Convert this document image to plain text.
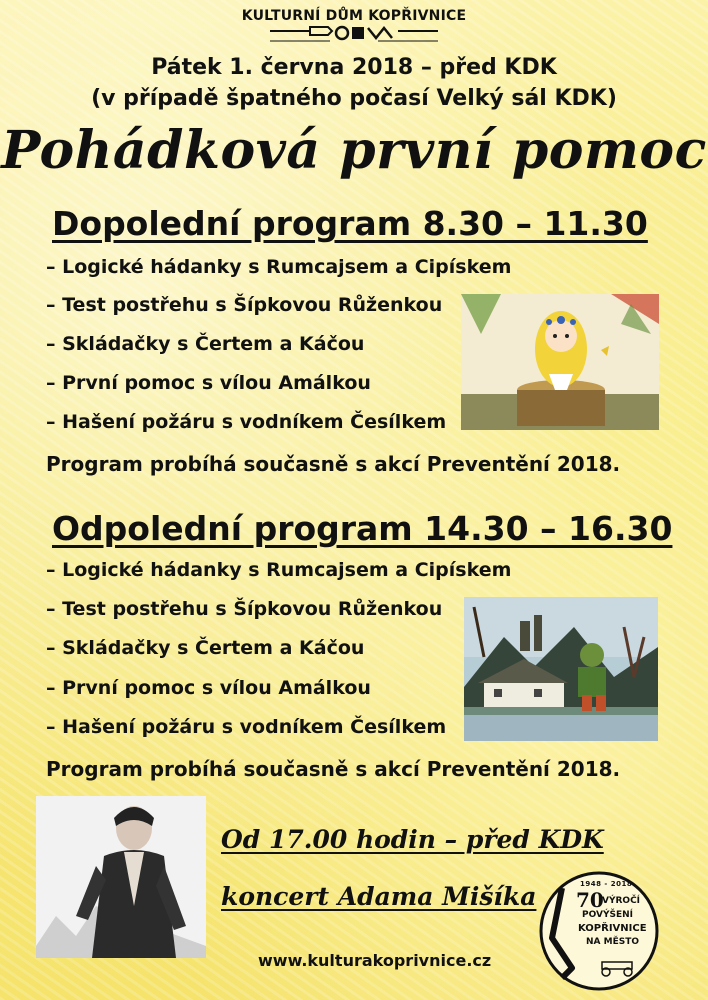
KULTURNÍ DŮM KOPŘIVNICE
Pátek 1. června 2018 – před KDK
(v případě špatného počasí Velký sál KDK)
Pohádková první pomoc
Dopolední program 8.30 – 11.30
– Logické hádanky s Rumcajsem a Cipískem
– Test postřehu s Šípkovou Růženkou
– Skládačky s Čertem a Káčou
– První pomoc s vílou Amálkou
– Hašení požáru s vodníkem Česílkem
Program probíhá současně s akcí Preventění 2018.
Odpolední program 14.30 – 16.30
– Logické hádanky s Rumcajsem a Cipískem
– Test postřehu s Šípkovou Růženkou
– Skládačky s Čertem a Káčou
– První pomoc s vílou Amálkou
– Hašení požáru s vodníkem Česílkem
Program probíhá současně s akcí Preventění 2018.
Od 17.00 hodin – před KDK
koncert Adama Mišíka	1948 - 2018
70
VÝROČÍ
POVÝŠENÍ
KOPŘIVNICE
NA MĚSTO
www.kulturakoprivnice.cz
